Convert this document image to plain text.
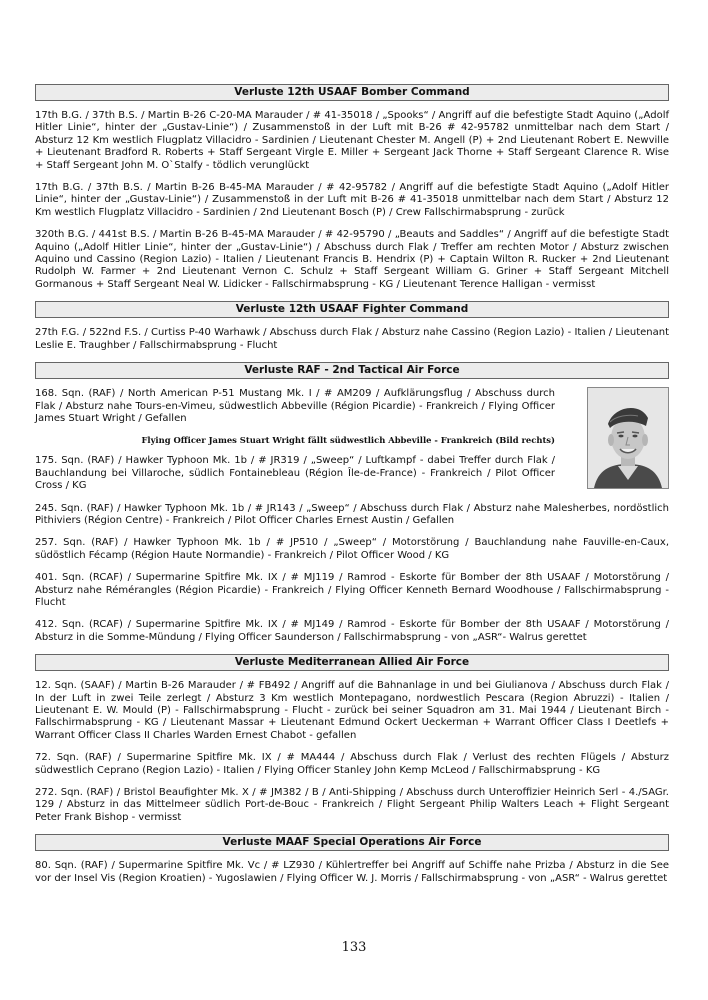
Verluste 12th USAAF Bomber Command

17th B.G. / 37th B.S. / Martin B-26 C-20-MA Marauder / # 41-35018 / „Spooks“ / Angriff auf die befestigte Stadt Aquino („Adolf Hitler Linie“, hinter der „Gustav-Linie“) / Zusammenstoß in der Luft mit B-26 # 42-95782 unmittelbar nach dem Start / Absturz 12 Km westlich Flugplatz Villacidro - Sardinien / Lieutenant Chester M. Angell (P) + 2nd Lieutenant Robert E. Newville + Lieutenant Bradford R. Roberts + Staff Sergeant Virgle E. Miller + Sergeant Jack Thorne + Staff Sergeant Clarence R. Wise + Staff Sergeant John M. O`Stalfy - tödlich verunglückt

17th B.G. / 37th B.S. / Martin B-26 B-45-MA Marauder / # 42-95782 / Angriff auf die befestigte Stadt Aquino („Adolf Hitler Linie“, hinter der „Gustav-Linie“) / Zusammenstoß in der Luft mit B-26 # 41-35018 unmittelbar nach dem Start / Absturz 12 Km westlich Flugplatz Villacidro - Sardinien / 2nd Lieutenant Bosch (P) / Crew Fallschirmabsprung - zurück

320th B.G. / 441st B.S. / Martin B-26 B-45-MA Marauder / # 42-95790 / „Beauts and Saddles“ / Angriff auf die befestigte Stadt Aquino („Adolf Hitler Linie“, hinter der „Gustav-Linie“) / Abschuss durch Flak / Treffer am rechten Motor / Absturz zwischen Aquino und Cassino (Region Lazio) - Italien / Lieutenant Francis B. Hendrix (P) + Captain Wilton R. Rucker + 2nd Lieutenant Rudolph W. Farmer + 2nd Lieutenant Vernon C. Schulz + Staff Sergeant William G. Griner + Staff Sergeant Mitchell Gormanous + Staff Sergeant Neal W. Lidicker - Fallschirmabsprung - KG / Lieutenant Terence Halligan - vermisst

Verluste 12th USAAF Fighter Command

27th F.G. / 522nd F.S. / Curtiss P-40 Warhawk / Abschuss durch Flak / Absturz nahe Cassino (Region Lazio) - Italien / Lieutenant Leslie E. Traughber / Fallschirmabsprung - Flucht

Verluste RAF - 2nd Tactical Air Force

168. Sqn. (RAF) / North American P-51 Mustang Mk. I / # AM209 / Aufklärungsflug / Abschuss durch Flak / Absturz nahe Tours-en-Vimeu, südwestlich Abbeville (Région Picardie) - Frankreich / Flying Officer James Stuart Wright / Gefallen

Flying Officer James Stuart Wright fällt südwestlich Abbeville - Frankreich (Bild rechts)

175. Sqn. (RAF) / Hawker Typhoon Mk. 1b / # JR319 / „Sweep“ / Luftkampf - dabei Treffer durch Flak / Bauchlandung bei Villaroche, südlich Fontainebleau (Région Île-de-France) - Frankreich / Pilot Officer Cross / KG

245. Sqn. (RAF) / Hawker Typhoon Mk. 1b / # JR143 / „Sweep“ / Abschuss durch Flak / Absturz nahe Malesherbes, nordöstlich Pithiviers (Région Centre) - Frankreich / Pilot Officer Charles Ernest Austin / Gefallen

257. Sqn. (RAF) / Hawker Typhoon Mk. 1b / # JP510 / „Sweep“ / Motorstörung / Bauchlandung nahe Fauville-en-Caux, südöstlich Fécamp (Région Haute Normandie) - Frankreich / Pilot Officer Wood / KG

401. Sqn. (RCAF) / Supermarine Spitfire Mk. IX / # MJ119 / Ramrod - Eskorte für Bomber der 8th USAAF / Motorstörung / Absturz nahe Rémérangles (Région Picardie) - Frankreich / Flying Officer Kenneth Bernard Woodhouse / Fallschirmabsprung - Flucht

412. Sqn. (RCAF) / Supermarine Spitfire Mk. IX / # MJ149 / Ramrod - Eskorte für Bomber der 8th USAAF / Motorstörung / Absturz in die Somme-Mündung / Flying Officer Saunderson / Fallschirmabsprung - von „ASR“- Walrus gerettet

Verluste Mediterranean Allied Air Force

12. Sqn. (SAAF) / Martin B-26 Marauder / # FB492 / Angriff auf die Bahnanlage in und bei Giulianova / Abschuss durch Flak / In der Luft in zwei Teile zerlegt / Absturz 3 Km westlich Montepagano, nordwestlich Pescara (Region Abruzzi) - Italien / Lieutenant E. W. Mould (P) - Fallschirmabsprung - Flucht - zurück bei seiner Squadron am 31. Mai 1944 / Lieutenant Birch - Fallschirmabsprung - KG / Lieutenant Massar + Lieutenant Edmund Ockert Ueckerman + Warrant Officer Class I Deetlefs + Warrant Officer Class II Charles Warden Ernest Chabot - gefallen

72. Sqn. (RAF) / Supermarine Spitfire Mk. IX / # MA444 / Abschuss durch Flak / Verlust des rechten Flügels / Absturz südwestlich Ceprano (Region Lazio) - Italien / Flying Officer Stanley John Kemp McLeod / Fallschirmabsprung - KG

272. Sqn. (RAF) / Bristol Beaufighter Mk. X / # JM382 / B / Anti-Shipping / Abschuss durch Unteroffizier Heinrich Serl - 4./SAGr. 129 / Absturz in das Mittelmeer südlich Port-de-Bouc - Frankreich / Flight Sergeant Philip Walters Leach + Flight Sergeant Peter Frank Bishop - vermisst

Verluste MAAF Special Operations Air Force

80. Sqn. (RAF) / Supermarine Spitfire Mk. Vc / # LZ930 / Kühlertreffer bei Angriff auf Schiffe nahe Prizba / Absturz in die See vor der Insel Vis (Region Kroatien) - Yugoslawien / Flying Officer W. J. Morris / Fallschirmabsprung - von „ASR“ - Walrus gerettet

133
